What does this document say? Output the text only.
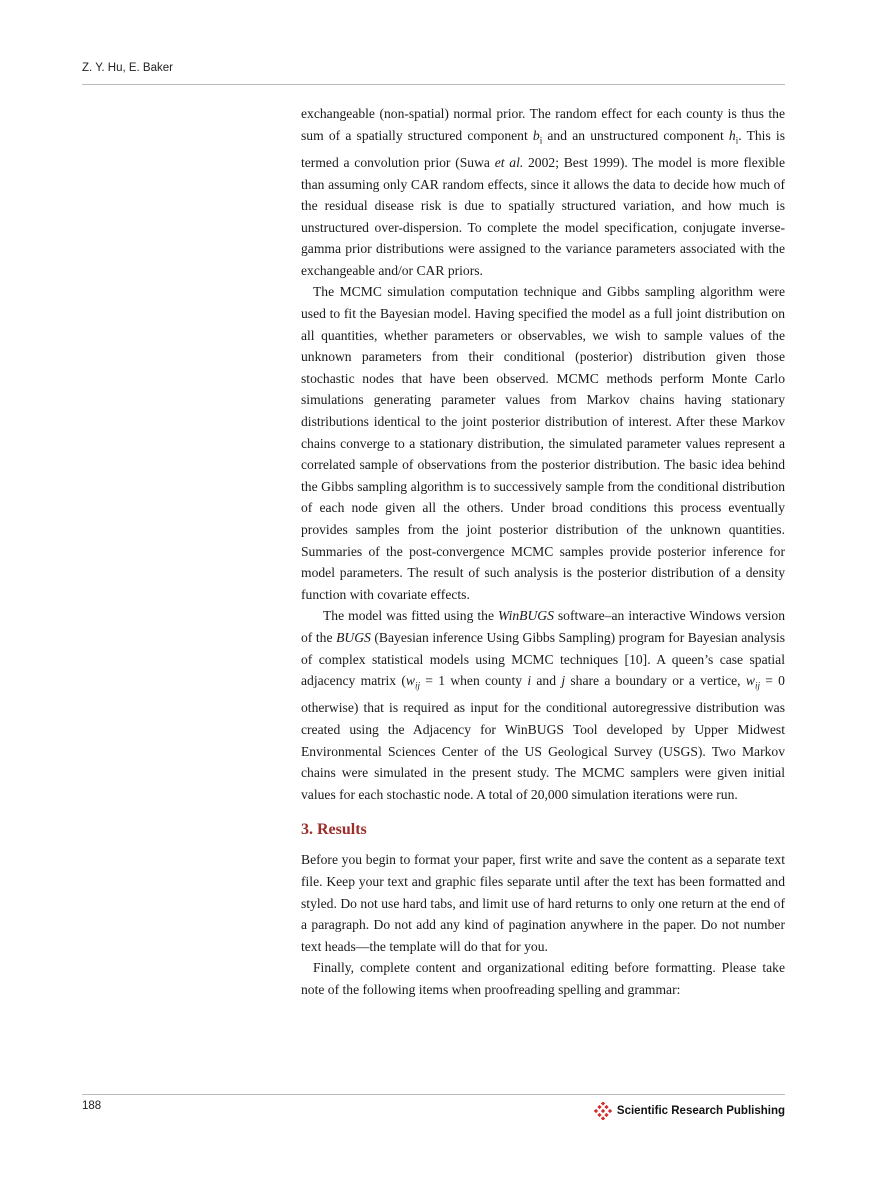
Z. Y. Hu, E. Baker

exchangeable (non-spatial) normal prior. The random effect for each county is thus the sum of a spatially structured component $b_i$ and an unstructured component $h_i$. This is termed a convolution prior (Suwa et al. 2002; Best 1999). The model is more flexible than assuming only CAR random effects, since it allows the data to decide how much of the residual disease risk is due to spatially structured variation, and how much is unstructured over-dispersion. To complete the model specification, conjugate inverse-gamma prior distributions were assigned to the variance parameters associated with the exchangeable and/or CAR priors.

The MCMC simulation computation technique and Gibbs sampling algorithm were used to fit the Bayesian model. Having specified the model as a full joint distribution on all quantities, whether parameters or observables, we wish to sample values of the unknown parameters from their conditional (posterior) distribution given those stochastic nodes that have been observed. MCMC methods perform Monte Carlo simulations generating parameter values from Markov chains having stationary distributions identical to the joint posterior distribution of interest. After these Markov chains converge to a stationary distribution, the simulated parameter values represent a correlated sample of observations from the posterior distribution. The basic idea behind the Gibbs sampling algorithm is to successively sample from the conditional distribution of each node given all the others. Under broad conditions this process eventually provides samples from the joint posterior distribution of the unknown quantities. Summaries of the post-convergence MCMC samples provide posterior inference for model parameters. The result of such analysis is the posterior distribution of a density function with covariate effects.

The model was fitted using the WinBUGS software–an interactive Windows version of the BUGS (Bayesian inference Using Gibbs Sampling) program for Bayesian analysis of complex statistical models using MCMC techniques [10]. A queen’s case spatial adjacency matrix ($w_{ij} = 1$ when county i and j share a boundary or a vertice, $w_{ij} = 0$ otherwise) that is required as input for the conditional autoregressive distribution was created using the Adjacency for WinBUGS Tool developed by Upper Midwest Environmental Sciences Center of the US Geological Survey (USGS). Two Markov chains were simulated in the present study. The MCMC samplers were given initial values for each stochastic node. A total of 20,000 simulation iterations were run.

3. Results

Before you begin to format your paper, first write and save the content as a separate text file. Keep your text and graphic files separate until after the text has been formatted and styled. Do not use hard tabs, and limit use of hard returns to only one return at the end of a paragraph. Do not add any kind of pagination anywhere in the paper. Do not number text heads—the template will do that for you.

Finally, complete content and organizational editing before formatting. Please take note of the following items when proofreading spelling and grammar:

188	Scientific Research Publishing
